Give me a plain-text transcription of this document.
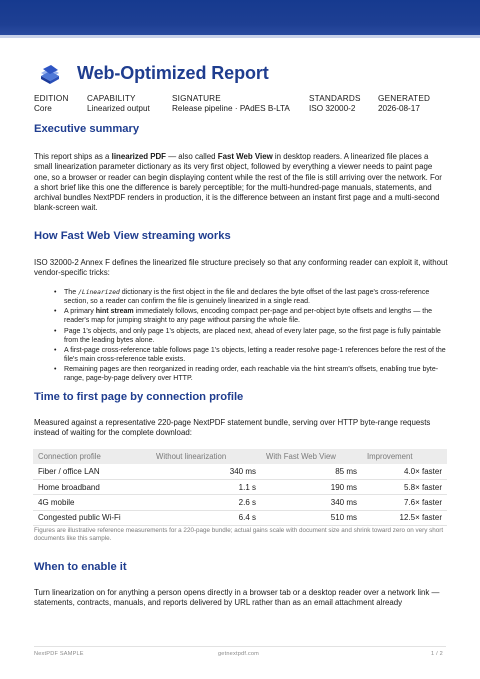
Web-Optimized Report
EDITION
Core
CAPABILITY
Linearized output
SIGNATURE
Release pipeline · PAdES B-LTA
STANDARDS
ISO 32000-2
GENERATED
2026-08-17
Executive summary
This report ships as a linearized PDF — also called Fast Web View in desktop readers. A linearized file places a small linearization parameter dictionary as its very first object, followed by everything a viewer needs to paint page one, so a browser or reader can begin displaying content while the rest of the file is still arriving over the network. For a short brief like this one the difference is barely perceptible; for the multi-hundred-page manuals, statements, and archival bundles NextPDF renders in production, it is the difference between an instant first page and a multi-second blank-screen wait.
How Fast Web View streaming works
ISO 32000-2 Annex F defines the linearized file structure precisely so that any conforming reader can exploit it, without vendor-specific tricks:
• The /Linearized dictionary is the first object in the file and declares the byte offset of the last page's cross-reference section, so a reader can confirm the file is genuinely linearized in a single read.
• A primary hint stream immediately follows, encoding compact per-page and per-object byte offsets and lengths — the reader's map for jumping straight to any page without parsing the whole file.
• Page 1's objects, and only page 1's objects, are placed next, ahead of every later page, so the first page is fully paintable from the leading bytes alone.
• A first-page cross-reference table follows page 1's objects, letting a reader resolve page-1 references before the rest of the file's main cross-reference table exists.
• Remaining pages are then reorganized in reading order, each reachable via the hint stream's offsets, enabling true byte-range, page-by-page delivery over HTTP.
Time to first page by connection profile
Measured against a representative 220-page NextPDF statement bundle, serving over HTTP byte-range requests instead of waiting for the complete download:
Connection profile	Without linearization	With Fast Web View	Improvement
Fiber / office LAN	340 ms	85 ms	4.0× faster
Home broadband	1.1 s	190 ms	5.8× faster
4G mobile	2.6 s	340 ms	7.6× faster
Congested public Wi-Fi	6.4 s	510 ms	12.5× faster
Figures are illustrative reference measurements for a 220-page bundle; actual gains scale with document size and shrink toward zero on very short documents like this sample.
When to enable it
Turn linearization on for anything a person opens directly in a browser tab or a desktop reader over a network link — statements, contracts, manuals, and reports delivered by URL rather than as an email attachment already
NextPDF SAMPLE	getnextpdf.com	1 / 2
